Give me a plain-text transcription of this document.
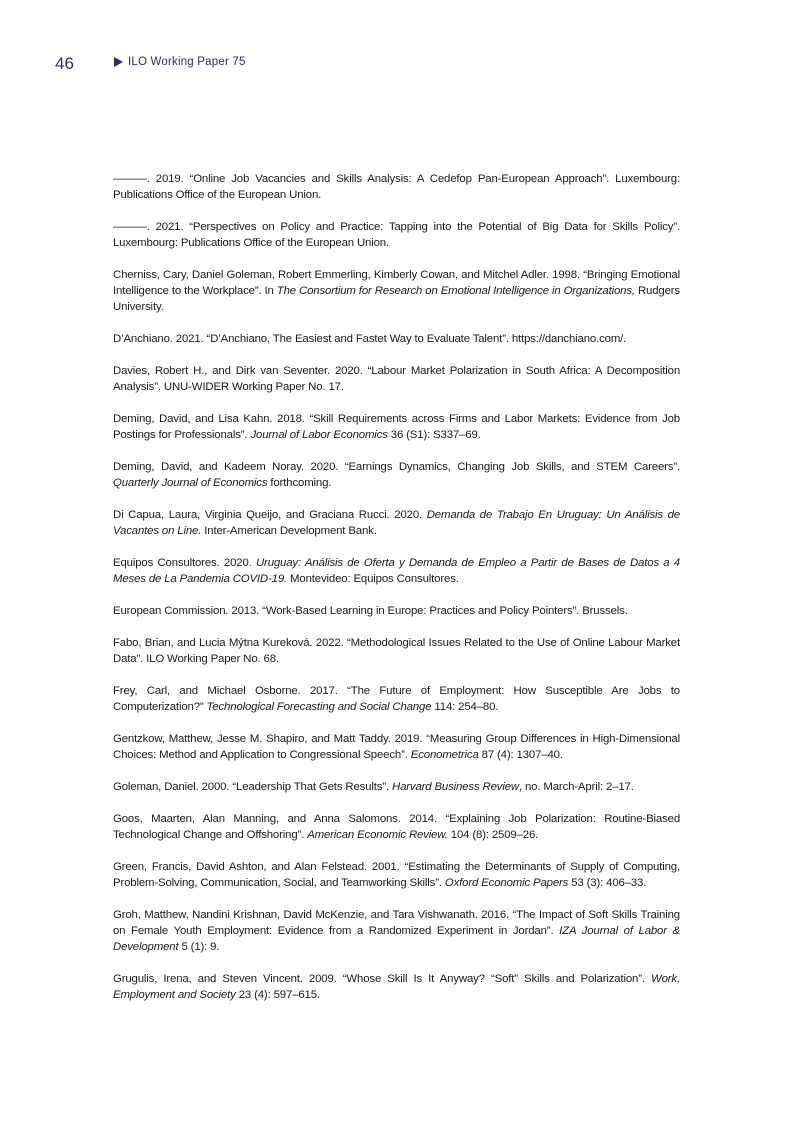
46	ILO Working Paper 75
———. 2019. “Online Job Vacancies and Skills Analysis: A Cedefop Pan-European Approach”. Luxembourg: Publications Office of the European Union.
———. 2021. “Perspectives on Policy and Practice: Tapping into the Potential of Big Data for Skills Policy”. Luxembourg: Publications Office of the European Union.
Cherniss, Cary, Daniel Goleman, Robert Emmerling, Kimberly Cowan, and Mitchel Adler. 1998. “Bringing Emotional Intelligence to the Workplace”. In The Consortium for Research on Emotional Intelligence in Organizations, Rudgers University.
D’Anchiano. 2021. “D’Anchiano, The Easiest and Fastet Way to Evaluate Talent”. https://danchiano.com/.
Davies, Robert H., and Dirk van Seventer. 2020. “Labour Market Polarization in South Africa: A Decomposition Analysis”. UNU-WIDER Working Paper No. 17.
Deming, David, and Lisa Kahn. 2018. “Skill Requirements across Firms and Labor Markets: Evidence from Job Postings for Professionals”. Journal of Labor Economics 36 (S1): S337–69.
Deming, David, and Kadeem Noray. 2020. “Earnings Dynamics, Changing Job Skills, and STEM Careers”. Quarterly Journal of Economics forthcoming.
Di Capua, Laura, Virginia Queijo, and Graciana Rucci. 2020. Demanda de Trabajo En Uruguay: Un Análisis de Vacantes on Line. Inter-American Development Bank.
Equipos Consultores. 2020. Uruguay: Análisis de Oferta y Demanda de Empleo a Partir de Bases de Datos a 4 Meses de La Pandemia COVID-19. Montevideo: Equipos Consultores.
European Commission. 2013. “Work-Based Learning in Europe: Practices and Policy Pointers”. Brussels.
Fabo, Brian, and Lucia Mýtna Kureková. 2022. “Methodological Issues Related to the Use of Online Labour Market Data”. ILO Working Paper No. 68.
Frey, Carl, and Michael Osborne. 2017. “The Future of Employment: How Susceptible Are Jobs to Computerization?” Technological Forecasting and Social Change 114: 254–80.
Gentzkow, Matthew, Jesse M. Shapiro, and Matt Taddy. 2019. “Measuring Group Differences in High-Dimensional Choices: Method and Application to Congressional Speech”. Econometrica 87 (4): 1307–40.
Goleman, Daniel. 2000. “Leadership That Gets Results”. Harvard Business Review, no. March-April: 2–17.
Goos, Maarten, Alan Manning, and Anna Salomons. 2014. “Explaining Job Polarization: Routine-Biased Technological Change and Offshoring”. American Economic Review. 104 (8): 2509–26.
Green, Francis, David Ashton, and Alan Felstead. 2001. “Estimating the Determinants of Supply of Computing, Problem-Solving, Communication, Social, and Teamworking Skills”. Oxford Economic Papers 53 (3): 406–33.
Groh, Matthew, Nandini Krishnan, David McKenzie, and Tara Vishwanath. 2016. “The Impact of Soft Skills Training on Female Youth Employment: Evidence from a Randomized Experiment in Jordan”. IZA Journal of Labor & Development 5 (1): 9.
Grugulis, Irena, and Steven Vincent. 2009. “Whose Skill Is It Anyway? “Soft” Skills and Polarization”. Work, Employment and Society 23 (4): 597–615.
